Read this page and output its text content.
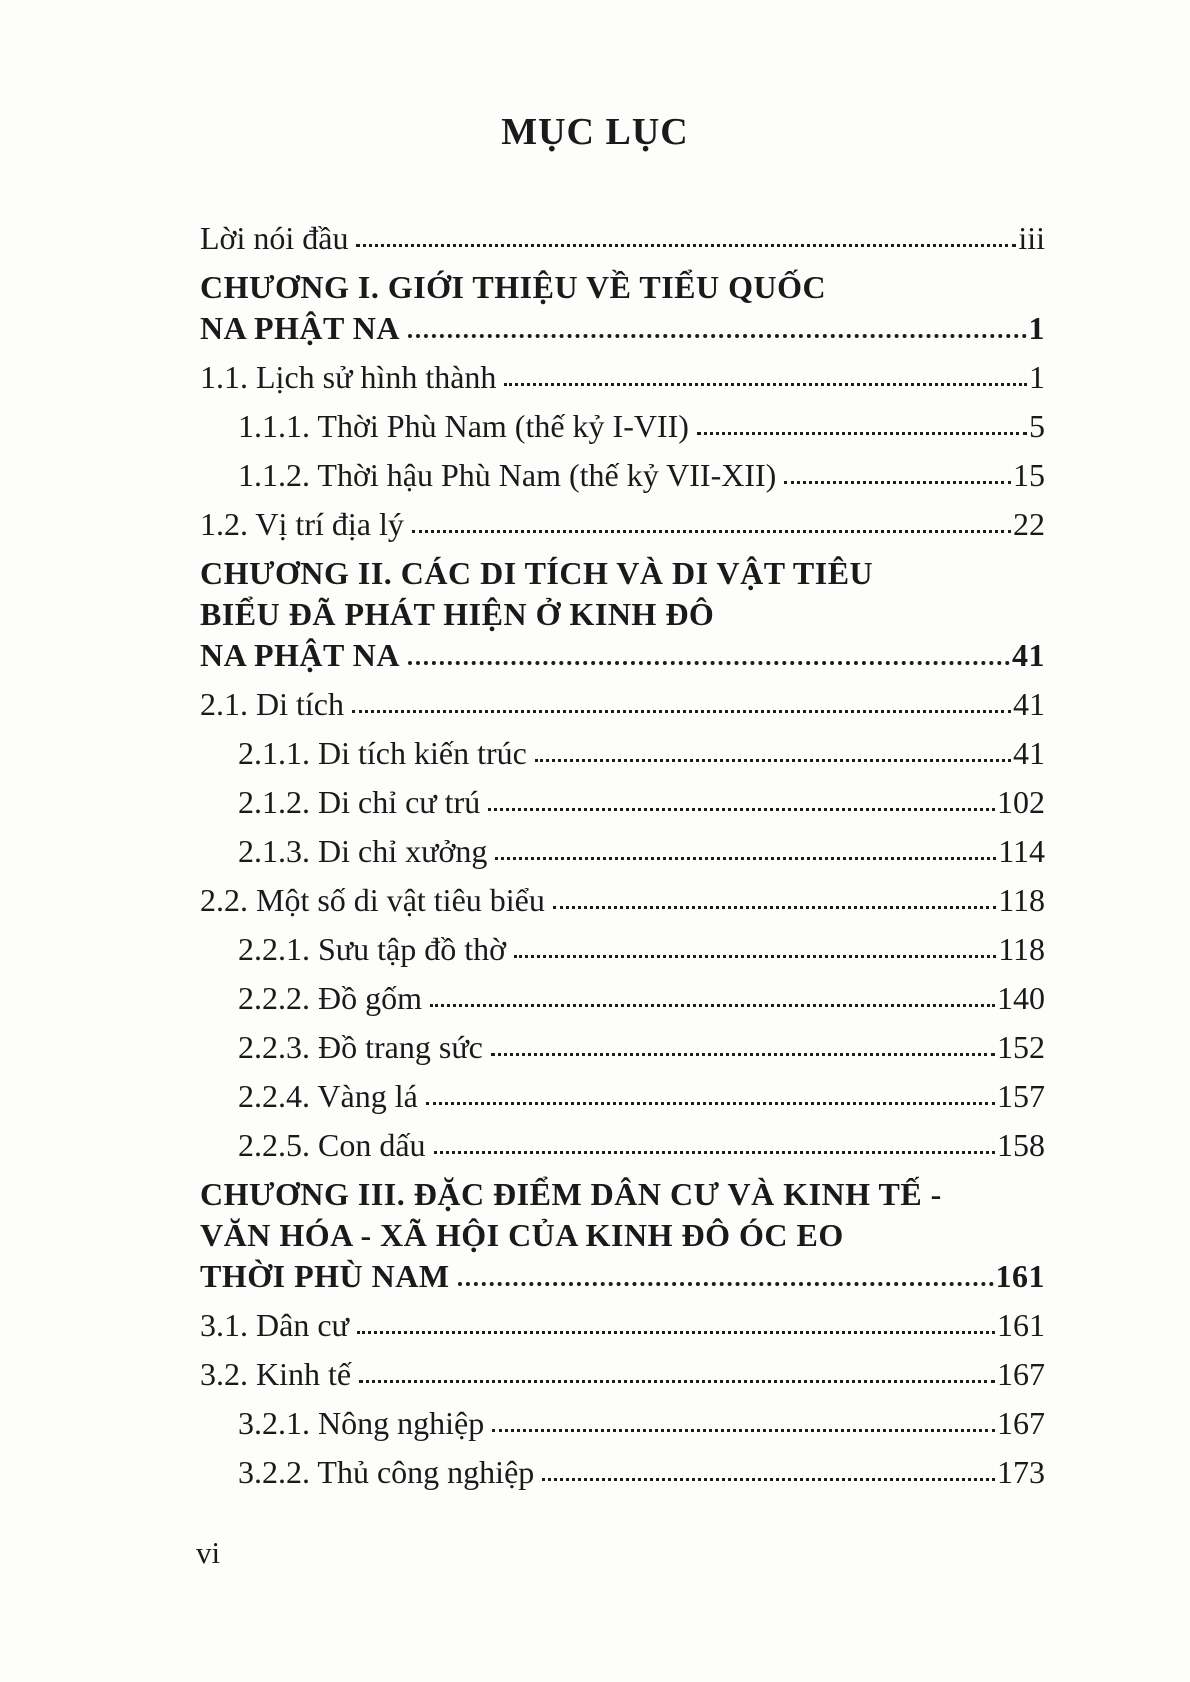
MỤC LỤC
Lời nói đầu	iii
CHƯƠNG I. GIỚI THIỆU VỀ TIỂU QUỐC
NA PHẬT NA	1
1.1. Lịch sử hình thành	1
1.1.1. Thời Phù Nam (thế kỷ I-VII)	5
1.1.2. Thời hậu Phù Nam (thế kỷ VII-XII)	15
1.2. Vị trí địa lý	22
CHƯƠNG II. CÁC DI TÍCH VÀ DI VẬT TIÊU
BIỂU ĐÃ PHÁT HIỆN Ở KINH ĐÔ
NA PHẬT NA	41
2.1. Di tích	41
2.1.1. Di tích kiến trúc	41
2.1.2. Di chỉ cư trú	102
2.1.3. Di chỉ xưởng	114
2.2. Một số di vật tiêu biểu	118
2.2.1. Sưu tập đồ thờ	118
2.2.2. Đồ gốm	140
2.2.3. Đồ trang sức	152
2.2.4. Vàng lá	157
2.2.5. Con dấu	158
CHƯƠNG III. ĐẶC ĐIỂM DÂN CƯ VÀ KINH TẾ -
VĂN HÓA - XÃ HỘI CỦA KINH ĐÔ ÓC EO
THỜI PHÙ NAM	161
3.1. Dân cư	161
3.2. Kinh tế	167
3.2.1. Nông nghiệp	167
3.2.2. Thủ công nghiệp	173
vi
